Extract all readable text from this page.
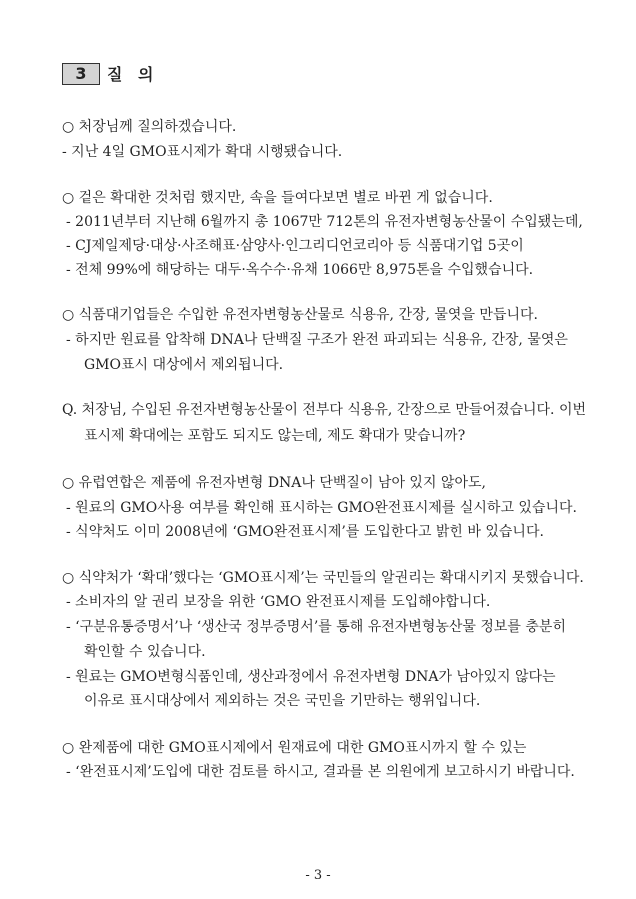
3	질 의
○ 처장님께 질의하겠습니다.
- 지난 4일 GMO표시제가 확대 시행됐습니다.
○ 겉은 확대한 것처럼 했지만, 속을 들여다보면 별로 바뀐 게 없습니다.
- 2011년부터 지난해 6월까지 총 1067만 712톤의 유전자변형농산물이 수입됐는데,
- CJ제일제당·대상·사조해표·삼양사·인그리디언코리아 등 식품대기업 5곳이
- 전체 99%에 해당하는 대두·옥수수·유채 1066만 8,975톤을 수입했습니다.
○ 식품대기업들은 수입한 유전자변형농산물로 식용유, 간장, 물엿을 만듭니다.
- 하지만 원료를 압착해 DNA나 단백질 구조가 완전 파괴되는 식용유, 간장, 물엿은
GMO표시 대상에서 제외됩니다.
Q. 처장님, 수입된 유전자변형농산물이 전부다 식용유, 간장으로 만들어졌습니다. 이번
표시제 확대에는 포함도 되지도 않는데, 제도 확대가 맞습니까?
○ 유럽연합은 제품에 유전자변형 DNA나 단백질이 남아 있지 않아도,
- 원료의 GMO사용 여부를 확인해 표시하는 GMO완전표시제를 실시하고 있습니다.
- 식약처도 이미 2008년에 ‘GMO완전표시제’를 도입한다고 밝힌 바 있습니다.
○ 식약처가 ‘확대’했다는 ‘GMO표시제’는 국민들의 알권리는 확대시키지 못했습니다.
- 소비자의 알 권리 보장을 위한 ‘GMO 완전표시제를 도입해야합니다.
- ‘구분유통증명서’나 ‘생산국 정부증명서’를 통해 유전자변형농산물 정보를 충분히
확인할 수 있습니다.
- 원료는 GMO변형식품인데, 생산과정에서 유전자변형 DNA가 남아있지 않다는
이유로 표시대상에서 제외하는 것은 국민을 기만하는 행위입니다.
○ 완제품에 대한 GMO표시제에서 원재료에 대한 GMO표시까지 할 수 있는
- ‘완전표시제’도입에 대한 검토를 하시고, 결과를 본 의원에게 보고하시기 바랍니다.
- 3 -
